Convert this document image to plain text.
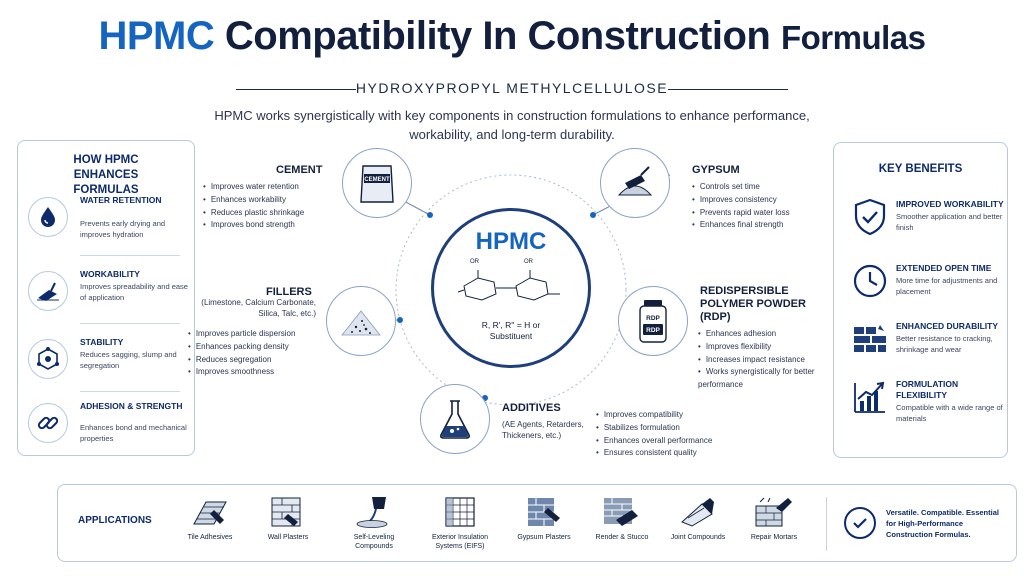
HPMC Compatibility In Construction Formulas
HYDROXYPROPYL METHYLCELLULOSE
HPMC works synergistically with key components in construction formulations to enhance performance, workability, and long-term durability.
HOW HPMC ENHANCES FORMULAS
WATER RETENTION
Prevents early drying and improves hydration
WORKABILITY
Improves spreadability and ease of application
STABILITY
Reduces sagging, slump and segregation
ADHESION & STRENGTH
Enhances bond and mechanical properties
HPMC
OR	OR
R, R', R'' = H or Substituent
CEMENT
CEMENT
• Improves water retention
• Enhances workability
• Reduces plastic shrinkage
• Improves bond strength
GYPSUM
• Controls set time
• Improves consistency
• Prevents rapid water loss
• Enhances final strength
FILLERS
(Limestone, Calcium Carbonate, Silica, Talc, etc.)
• Improves particle dispersion
• Enhances packing density
• Reduces segregation
• Improves smoothness
RDP
RDP
REDISPERSIBLE POLYMER POWDER (RDP)
• Enhances adhesion
• Improves flexibility
• Increases impact resistance
• Works synergistically for better performance
ADDITIVES
(AE Agents, Retarders, Thickeners, etc.)
• Improves compatibility
• Stabilizes formulation
• Enhances overall performance
• Ensures consistent quality
KEY BENEFITS
IMPROVED WORKABILITY
Smoother application and better finish
EXTENDED OPEN TIME
More time for adjustments and placement
ENHANCED DURABILITY
Better resistance to cracking, shrinkage and wear
FORMULATION FLEXIBILITY
Compatible with a wide range of materials
APPLICATIONS
Tile Adhesives	Wall Plasters	Self-Leveling Compounds
Exterior Insulation Systems (EIFS)
Gypsum Plasters	Render & Stucco	Joint Compounds	Repair Mortars
Versatile. Compatible. Essential for High-Performance Construction Formulas.
